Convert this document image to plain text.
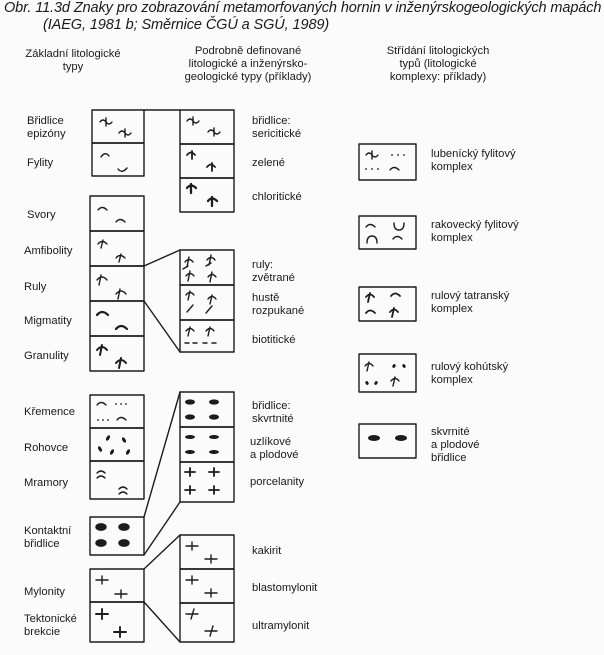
Obr. 11.3d Znaky pro zobrazování metamorfovaných hornin v inženýrskogeologických mapách
(IAEG, 1981 b; Směrnice ČGÚ a SGÚ, 1989)
Základní litologické
typy
Podrobně definované
litologické a inženýrsko-
geologické typy (příklady)
Střídání litologických
typů (litologické
komplexy: příklady)
Břidlice
epizóny
Fylity
Svory
Amfibolity
Ruly
Migmatity
Granulity
Křemence
Rohovce
Mramory
Kontaktní
břidlice
Mylonity
Tektonické
brekcie
břidlice:
sericitické
zelené
chloritické
ruly:
zvětrané
hustě
rozpukané
biotitické
břidlice:
skvrtnité
uzlíkové
a plodové
porcelanity
kakirit
blastomylonit
ultramylonit
lubenícký fylitový
komplex
rakovecký fylitový
komplex
rulový tatranský
komplex
rulový kohútský
komplex
skvrnité
a plodové
břidlice
